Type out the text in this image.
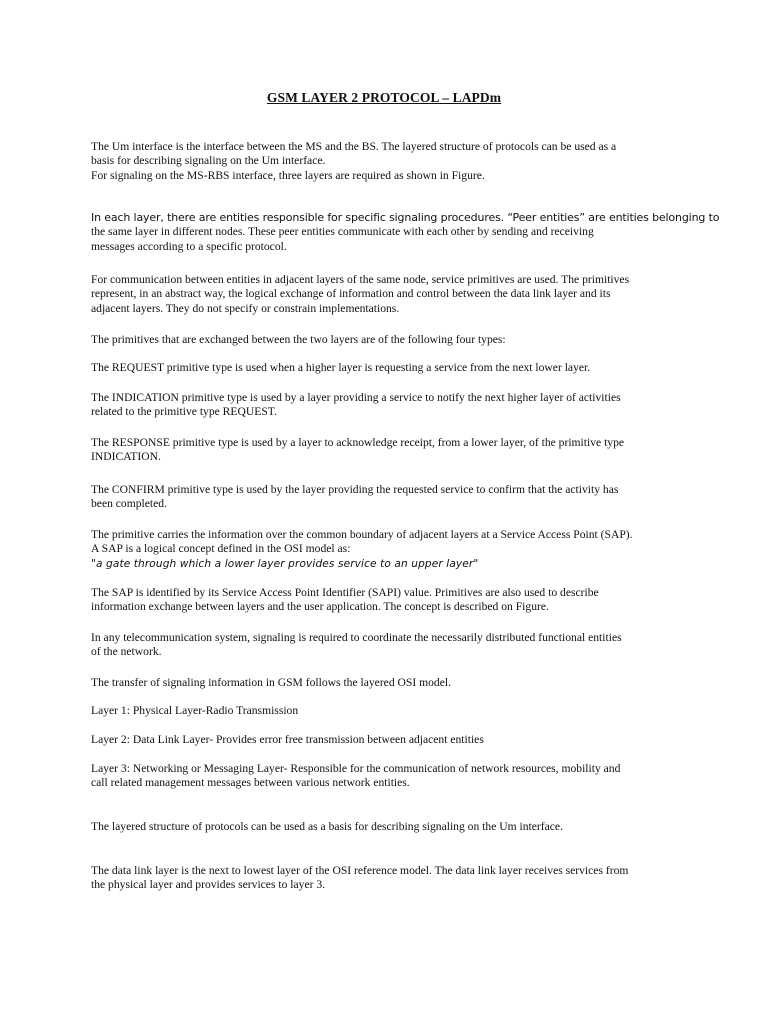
GSM LAYER 2 PROTOCOL – LAPDm

The Um interface is the interface between the MS and the BS. The layered structure of protocols can be used as a
basis for describing signaling on the Um interface.
For signaling on the MS-RBS interface, three layers are required as shown in Figure.

In each layer, there are entities responsible for specific signaling procedures. “Peer entities” are entities belonging to
the same layer in different nodes. These peer entities communicate with each other by sending and receiving
messages according to a specific protocol.

For communication between entities in adjacent layers of the same node, service primitives are used. The primitives
represent, in an abstract way, the logical exchange of information and control between the data link layer and its
adjacent layers. They do not specify or constrain implementations.

The primitives that are exchanged between the two layers are of the following four types:

The REQUEST primitive type is used when a higher layer is requesting a service from the next lower layer.

The INDICATION primitive type is used by a layer providing a service to notify the next higher layer of activities
related to the primitive type REQUEST.

The RESPONSE primitive type is used by a layer to acknowledge receipt, from a lower layer, of the primitive type
INDICATION.

The CONFIRM primitive type is used by the layer providing the requested service to confirm that the activity has
been completed.

The primitive carries the information over the common boundary of adjacent layers at a Service Access Point (SAP).
A SAP is a logical concept defined in the OSI model as:
"a gate through which a lower layer provides service to an upper layer"

The SAP is identified by its Service Access Point Identifier (SAPI) value. Primitives are also used to describe
information exchange between layers and the user application. The concept is described on Figure.

In any telecommunication system, signaling is required to coordinate the necessarily distributed functional entities
of the network.

The transfer of signaling information in GSM follows the layered OSI model.

Layer 1: Physical Layer-Radio Transmission

Layer 2: Data Link Layer- Provides error free transmission between adjacent entities

Layer 3: Networking or Messaging Layer- Responsible for the communication of network resources, mobility and
call related management messages between various network entities.

The layered structure of protocols can be used as a basis for describing signaling on the Um interface.

The data link layer is the next to lowest layer of the OSI reference model. The data link layer receives services from
the physical layer and provides services to layer 3.
